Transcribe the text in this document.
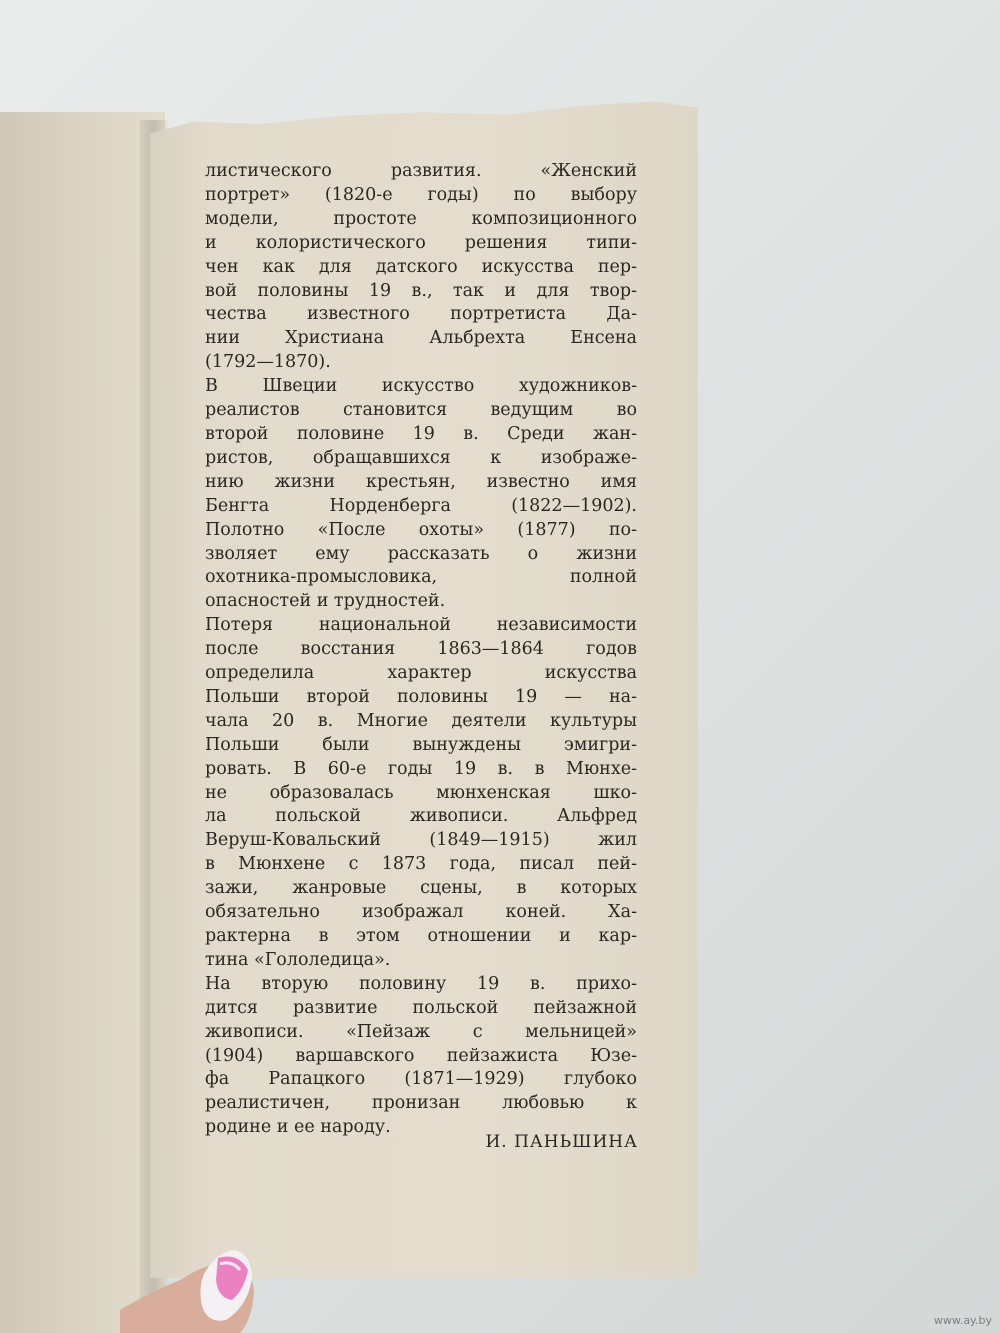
листического развития. «Женский
портрет» (1820-е годы) по выбору
модели, простоте композиционного
и колористического решения типи-
чен как для датского искусства пер-
вой половины 19 в., так и для твор-
чества известного портретиста Да-
нии Христиана Альбрехта Енсена
(1792—1870).
В Швеции искусство художников-
реалистов становится ведущим во
второй половине 19 в. Среди жан-
ристов, обращавшихся к изображе-
нию жизни крестьян, известно имя
Бенгта Норденберга (1822—1902).
Полотно «После охоты» (1877) по-
зволяет ему рассказать о жизни
охотника-промысловика, полной
опасностей и трудностей.
Потеря национальной независимости
после восстания 1863—1864 годов
определила характер искусства
Польши второй половины 19 — на-
чала 20 в. Многие деятели культуры
Польши были вынуждены эмигри-
ровать. В 60-е годы 19 в. в Мюнхе-
не образовалась мюнхенская шко-
ла польской живописи. Альфред
Веруш-Ковальский (1849—1915) жил
в Мюнхене с 1873 года, писал пей-
зажи, жанровые сцены, в которых
обязательно изображал коней. Ха-
рактерна в этом отношении и кар-
тина «Гололедица».
На вторую половину 19 в. прихо-
дится развитие польской пейзажной
живописи. «Пейзаж с мельницей»
(1904) варшавского пейзажиста Юзе-
фа Рапацкого (1871—1929) глубоко
реалистичен, пронизан любовью к
родине и ее народу.
И. ПАНЬШИНА
www.ay.by
